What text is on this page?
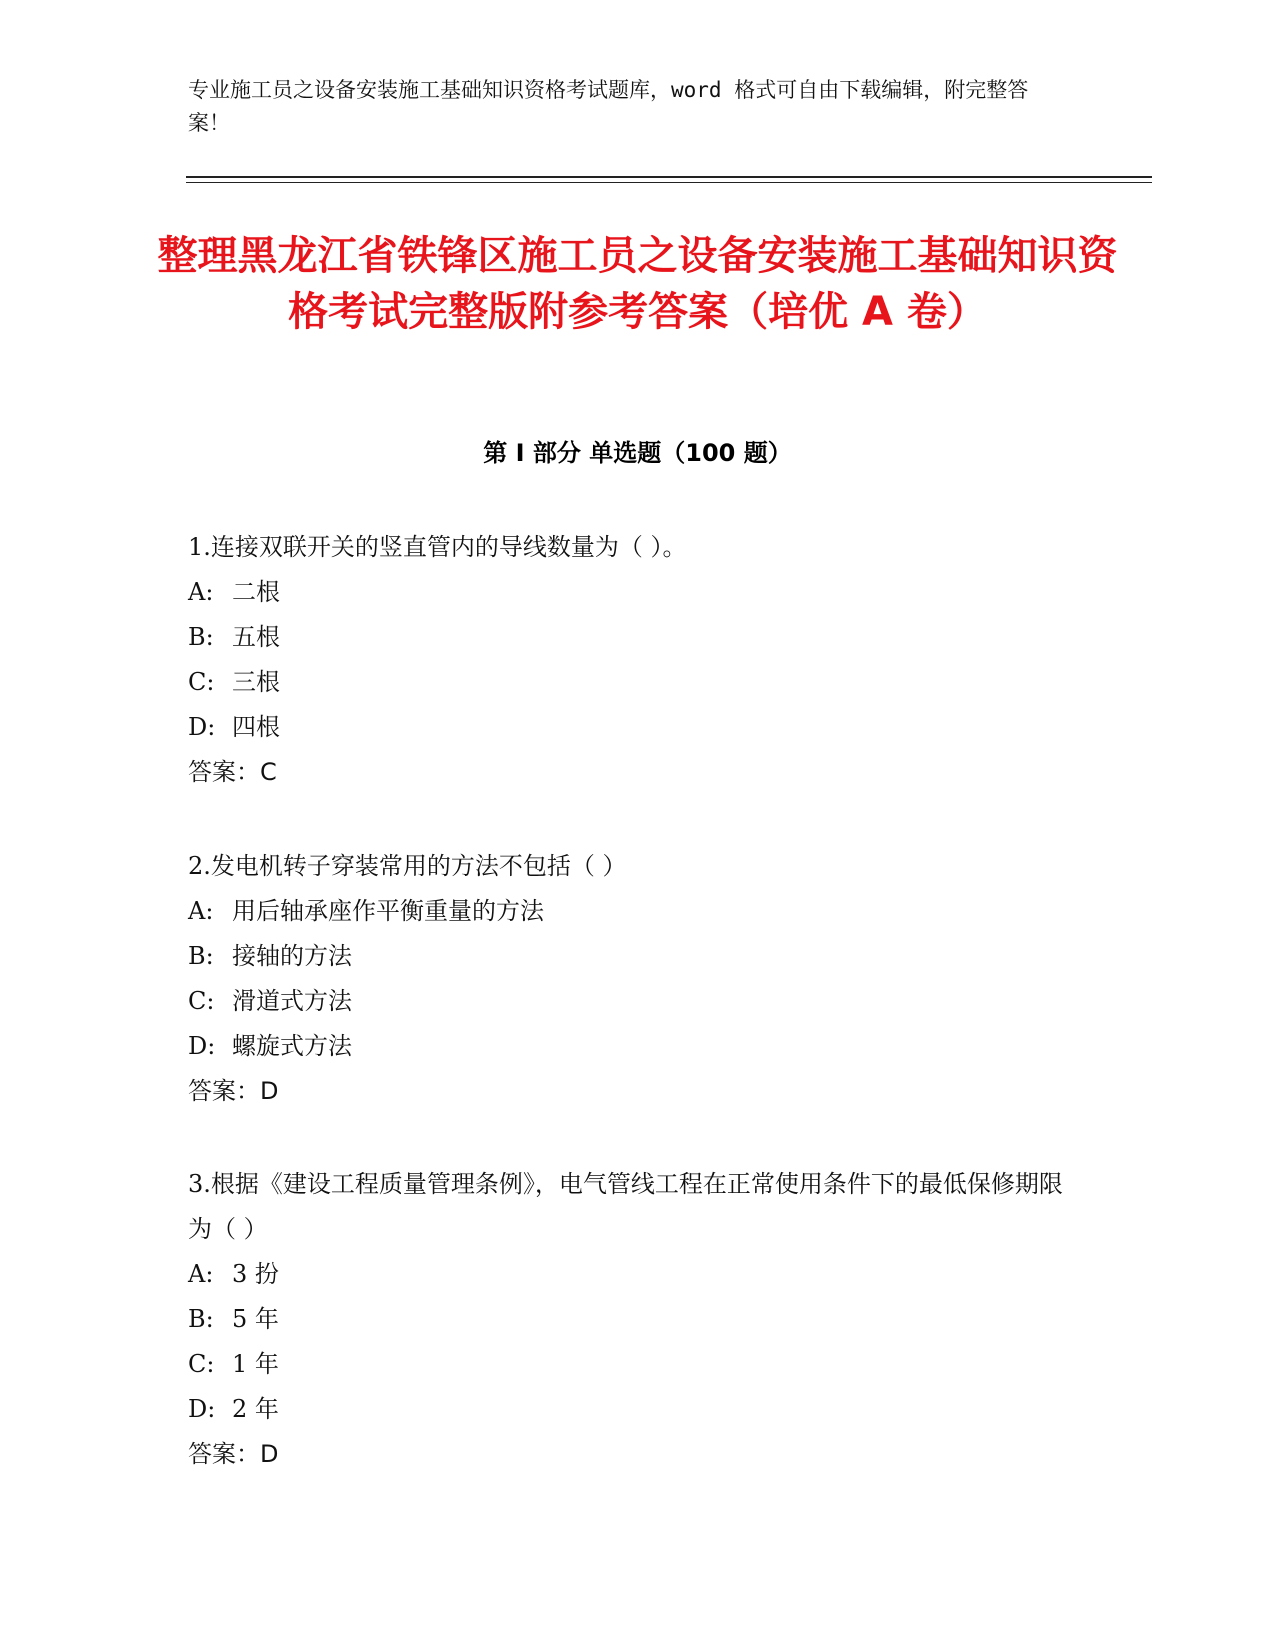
专业施工员之设备安装施工基础知识资格考试题库，word 格式可自由下载编辑，附完整答案！
整理黑龙江省铁锋区施工员之设备安装施工基础知识资格考试完整版附参考答案（培优 A 卷）
第 I 部分 单选题（100 题）
1.连接双联开关的竖直管内的导线数量为（ ）。
A: 二根
B: 五根
C: 三根
D: 四根
答案：C
2.发电机转子穿装常用的方法不包括（ ）
A: 用后轴承座作平衡重量的方法
B: 接轴的方法
C: 滑道式方法
D: 螺旋式方法
答案：D
3.根据《建设工程质量管理条例》，电气管线工程在正常使用条件下的最低保修期限为（ ）
A: 3 扮
B: 5 年
C: 1 年
D: 2 年
答案：D
